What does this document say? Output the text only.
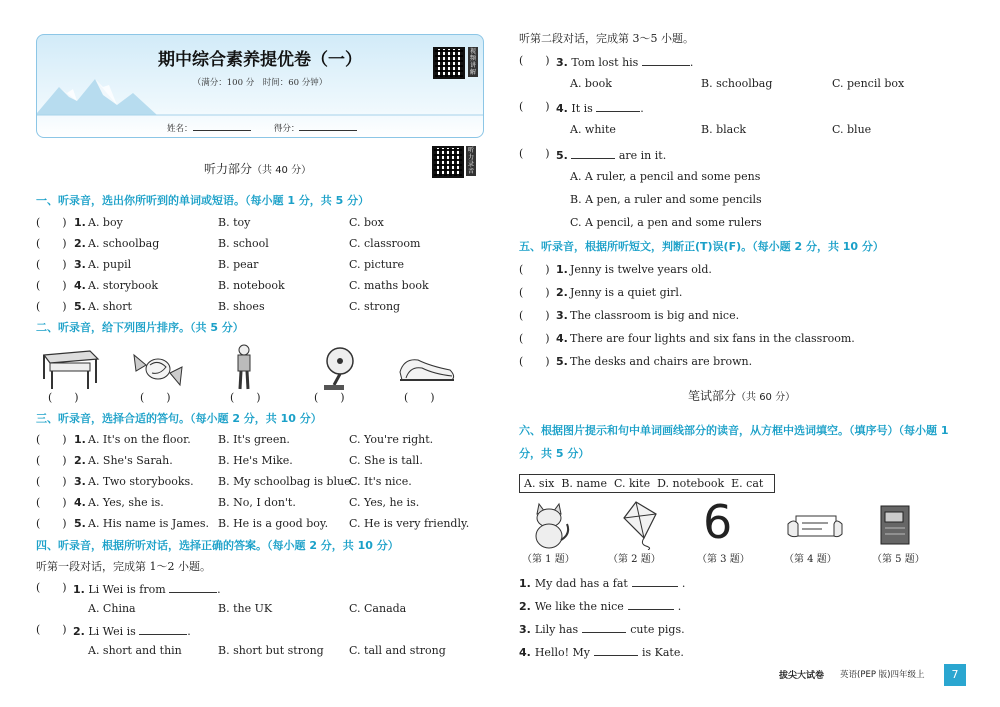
期中综合素养提优卷（一）
（满分：100 分　时间：60 分钟）
姓名：	得分：
视频讲解
听力部分（共 40 分）
听力录音
一、听录音，选出你所听到的单词或短语。（每小题 1 分，共 5 分）
(　　) 1. A. boy	B. toy	C. box
(　　) 2. A. schoolbag	B. school	C. classroom
(　　) 3. A. pupil	B. pear	C. picture
(　　) 4. A. storybook	B. notebook	C. maths book
(　　) 5. A. short	B. shoes	C. strong
二、听录音，给下列图片排序。（共 5 分）
(　　)	(　　)	(　　)	(　　)	(　　)
三、听录音，选择合适的答句。（每小题 2 分，共 10 分）
(　　) 1. A. It's on the floor. B. It's green.	C. You're right.
(　　) 2. A. She's Sarah.	B. He's Mike.	C. She is tall.
(　　) 3. A. Two storybooks. B. My schoolbag is blue.
C. It's nice.
(　　) 4. A. Yes, she is.	B. No, I don't.	C. Yes, he is.
(　　) 5. A. His name is James. B. He is a good boy. C. He is very friendly.
四、听录音，根据所听对话，选择正确的答案。（每小题 2 分，共 10 分）
听第一段对话，完成第 1～2 小题。
(　　) 1. Li Wei is from	.
A. China	B. the UK	C. Canada
(　　) 2. Li Wei is	.
A. short and thin	B. short but strong C. tall and strong
听第二段对话，完成第 3～5 小题。
(　　) 3. Tom lost his	.
A. book	B. schoolbag	C. pencil box
(　　) 4. It is	.
A. white	B. black	C. blue
(　　) 5.	are in it.
A. A ruler, a pencil and some pens
B. A pen, a ruler and some pencils
C. A pencil, a pen and some rulers
五、听录音，根据所听短文，判断正(T)误(F)。（每小题 2 分，共 10 分）
(　　) 1. Jenny is twelve years old.
(　　) 2. Jenny is a quiet girl.
(　　) 3. The classroom is big and nice.
(　　) 4. There are four lights and six fans in the classroom.
(　　) 5. The desks and chairs are brown.
笔试部分（共 60 分）
六、根据图片提示和句中单词画线部分的读音，从方框中选词填空。（填序号）（每小题 1
分，共 5 分）
A. six B. name C. kite D. notebook E. cat
6
（第 1 题）	（第 2 题）	（第 3 题）	（第 4 题）	（第 5 题）
1. My dad has a fat	.
2. We like the nice	.
3. Lily has	cute pigs.
4. Hello! My	is Kate.
拔尖大试卷 英语(PEP 版)四年级上	7
